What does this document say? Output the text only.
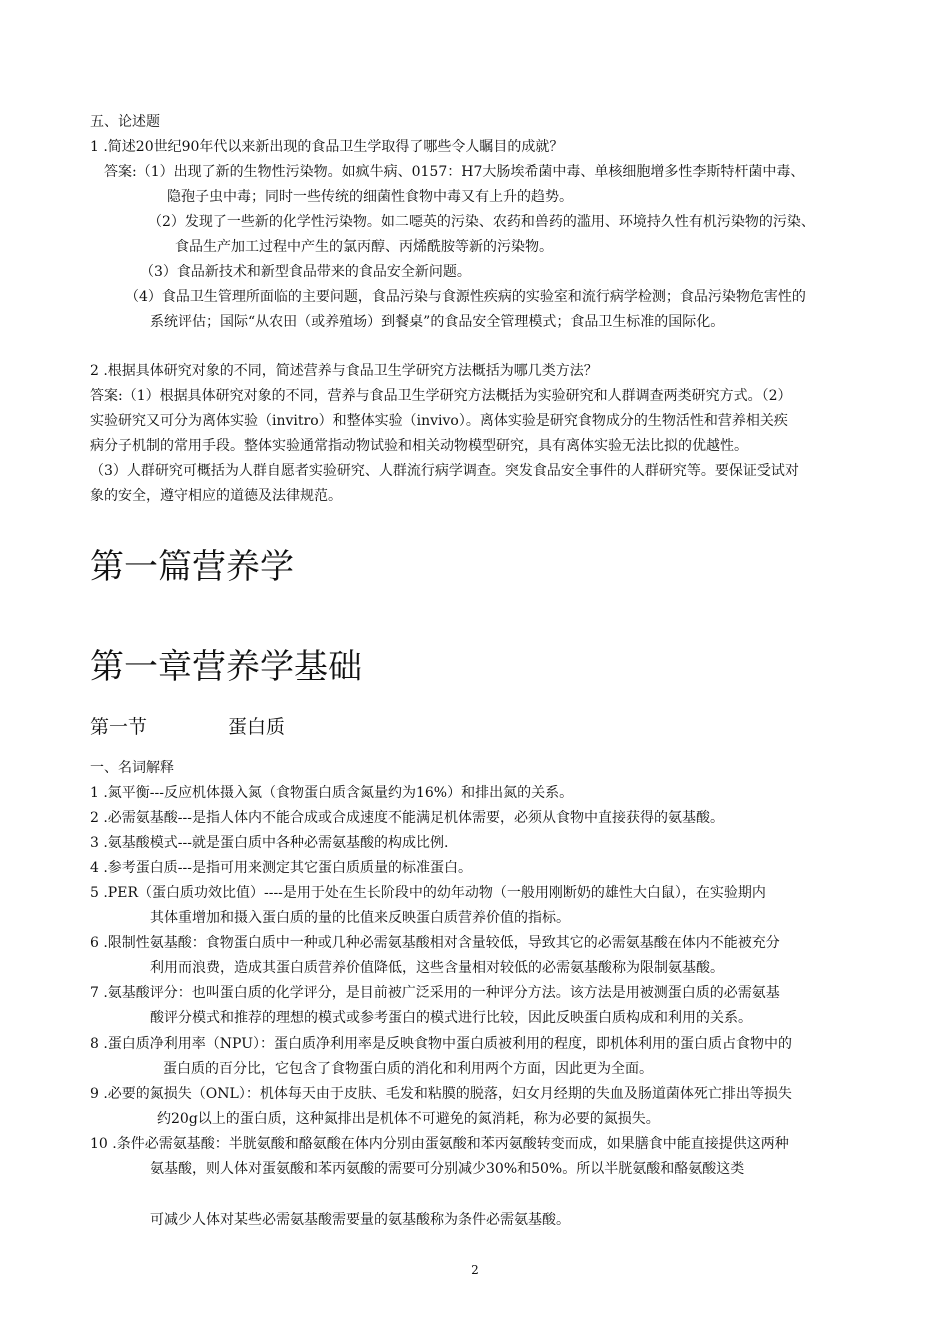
五、论述题
1 .简述20世纪90年代以来新出现的食品卫生学取得了哪些令人瞩目的成就？
答案:（1）出现了新的生物性污染物。如疯牛病、0157：H7大肠埃希菌中毒、单核细胞增多性李斯特杆菌中毒、
隐孢子虫中毒；同时一些传统的细菌性食物中毒又有上升的趋势。
（2）发现了一些新的化学性污染物。如二噁英的污染、农药和兽药的滥用、环境持久性有机污染物的污染、
食品生产加工过程中产生的氯丙醇、丙烯酰胺等新的污染物。
（3）食品新技术和新型食品带来的食品安全新问题。
（4）食品卫生管理所面临的主要问题，食品污染与食源性疾病的实验室和流行病学检测；食品污染物危害性的
系统评估；国际“从农田（或养殖场）到餐桌”的食品安全管理模式；食品卫生标准的国际化。
2 .根据具体研究对象的不同，简述营养与食品卫生学研究方法概括为哪几类方法？
答案:（1）根据具体研究对象的不同，营养与食品卫生学研究方法概括为实验研究和人群调查两类研究方式。（2）
实验研究又可分为离体实验（invitro）和整体实验（invivo）。离体实验是研究食物成分的生物活性和营养相关疾
病分子机制的常用手段。整体实验通常指动物试验和相关动物模型研究，具有离体实验无法比拟的优越性。
（3）人群研究可概括为人群自愿者实验研究、人群流行病学调查。突发食品安全事件的人群研究等。要保证受试对
象的安全，遵守相应的道德及法律规范。
第一篇营养学
第一章营养学基础
第一节	蛋白质
一、名词解释
1 .氮平衡---反应机体摄入氮（食物蛋白质含氮量约为16%）和排出氮的关系。
2 .必需氨基酸---是指人体内不能合成或合成速度不能满足机体需要，必须从食物中直接获得的氨基酸。
3 .氨基酸模式---就是蛋白质中各种必需氨基酸的构成比例.
4 .参考蛋白质---是指可用来测定其它蛋白质质量的标准蛋白。
5 .PER（蛋白质功效比值）----是用于处在生长阶段中的幼年动物（一般用刚断奶的雄性大白鼠），在实验期内
其体重增加和摄入蛋白质的量的比值来反映蛋白质营养价值的指标。
6 .限制性氨基酸：食物蛋白质中一种或几种必需氨基酸相对含量较低，导致其它的必需氨基酸在体内不能被充分
利用而浪费，造成其蛋白质营养价值降低，这些含量相对较低的必需氨基酸称为限制氨基酸。
7 .氨基酸评分：也叫蛋白质的化学评分，是目前被广泛采用的一种评分方法。该方法是用被测蛋白质的必需氨基
酸评分模式和推荐的理想的模式或参考蛋白的模式进行比较，因此反映蛋白质构成和利用的关系。
8 .蛋白质净利用率（NPU）：蛋白质净利用率是反映食物中蛋白质被利用的程度，即机体利用的蛋白质占食物中的
蛋白质的百分比，它包含了食物蛋白质的消化和利用两个方面，因此更为全面。
9 .必要的氮损失（ONL）：机体每天由于皮肤、毛发和粘膜的脱落，妇女月经期的失血及肠道菌体死亡排出等损失
约20g以上的蛋白质，这种氮排出是机体不可避免的氮消耗，称为必要的氮损失。
10 .条件必需氨基酸：半胱氨酸和酪氨酸在体内分别由蛋氨酸和苯丙氨酸转变而成，如果膳食中能直接提供这两种
氨基酸，则人体对蛋氨酸和苯丙氨酸的需要可分别减少30%和50%。所以半胱氨酸和酪氨酸这类
可减少人体对某些必需氨基酸需要量的氨基酸称为条件必需氨基酸。
2
